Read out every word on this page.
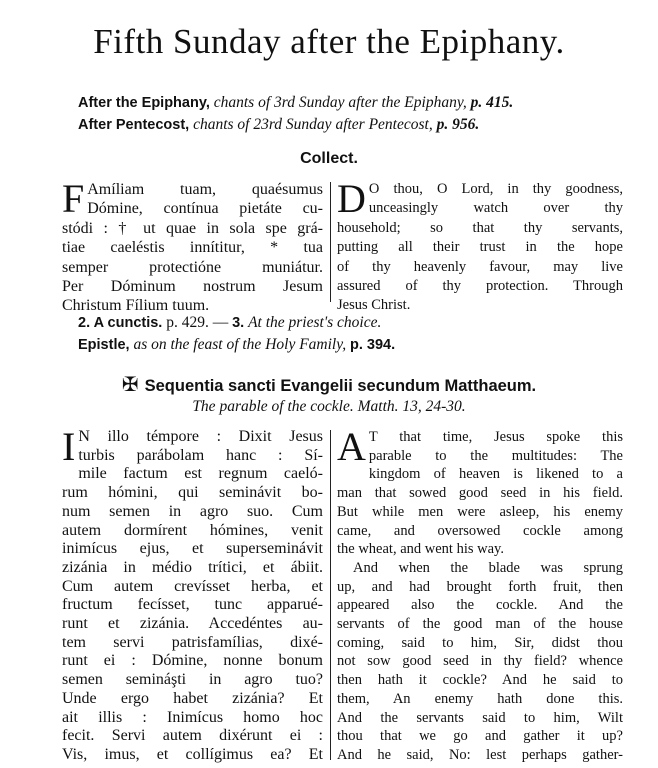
Fifth Sunday after the Epiphany.
After the Epiphany, chants of 3rd Sunday after the Epiphany, p. 415.
After Pentecost, chants of 23rd Sunday after Pentecost, p. 956.
Collect.
F Amíliam tuam, quaésumus
Dómine, contínua pietáte cu-
stódi : † ut quae in sola spe grá-
tiae caeléstis innítitur, * tua
semper protectióne muniátur.
Per Dóminum nostrum Jesum
Christum Fílium tuum.
D O thou, O Lord, in thy goodness,
unceasingly watch over thy
household; so that thy servants,
putting all their trust in the hope
of thy heavenly favour, may live
assured of thy protection. Through
Jesus Christ.
2. A cunctis. p. 429. — 3. At the priest's choice.
Epistle, as on the feast of the Holy Family, p. 394.
✠ Sequentia sancti Evangelii secundum Matthaeum.
The parable of the cockle. Matth. 13, 24-30.
I N illo témpore : Dixit Jesus
turbis parábolam hanc : Sí-
mile factum est regnum caeló-
rum hómini, qui seminávit bo-
num semen in agro suo. Cum
autem dormírent hómines, venit
inimícus ejus, et superseminávit
zizánia in médio trítici, et ábiit.
Cum autem crevísset herba, et
fructum fecísset, tunc apparué-
runt et zizánia. Accedéntes au-
tem servi patrisfamílias, dixé-
runt ei : Dómine, nonne bonum
semen semináşti in agro tuo?
Unde ergo habet zizánia? Et
ait illis : Inimícus homo hoc
fecit. Servi autem dixérunt ei :
Vis, imus, et collígimus ea? Et
A T that time, Jesus spoke this
parable to the multitudes: The
kingdom of heaven is likened to a
man that sowed good seed in his field.
But while men were asleep, his enemy
came, and oversowed cockle among
the wheat, and went his way.
And when the blade was sprung
up, and had brought forth fruit, then
appeared also the cockle. And the
servants of the good man of the house
coming, said to him, Sir, didst thou
not sow good seed in thy field? whence
then hath it cockle? And he said to
them, An enemy hath done this.
And the servants said to him, Wilt
thou that we go and gather it up?
And he said, No: lest perhaps gather-
